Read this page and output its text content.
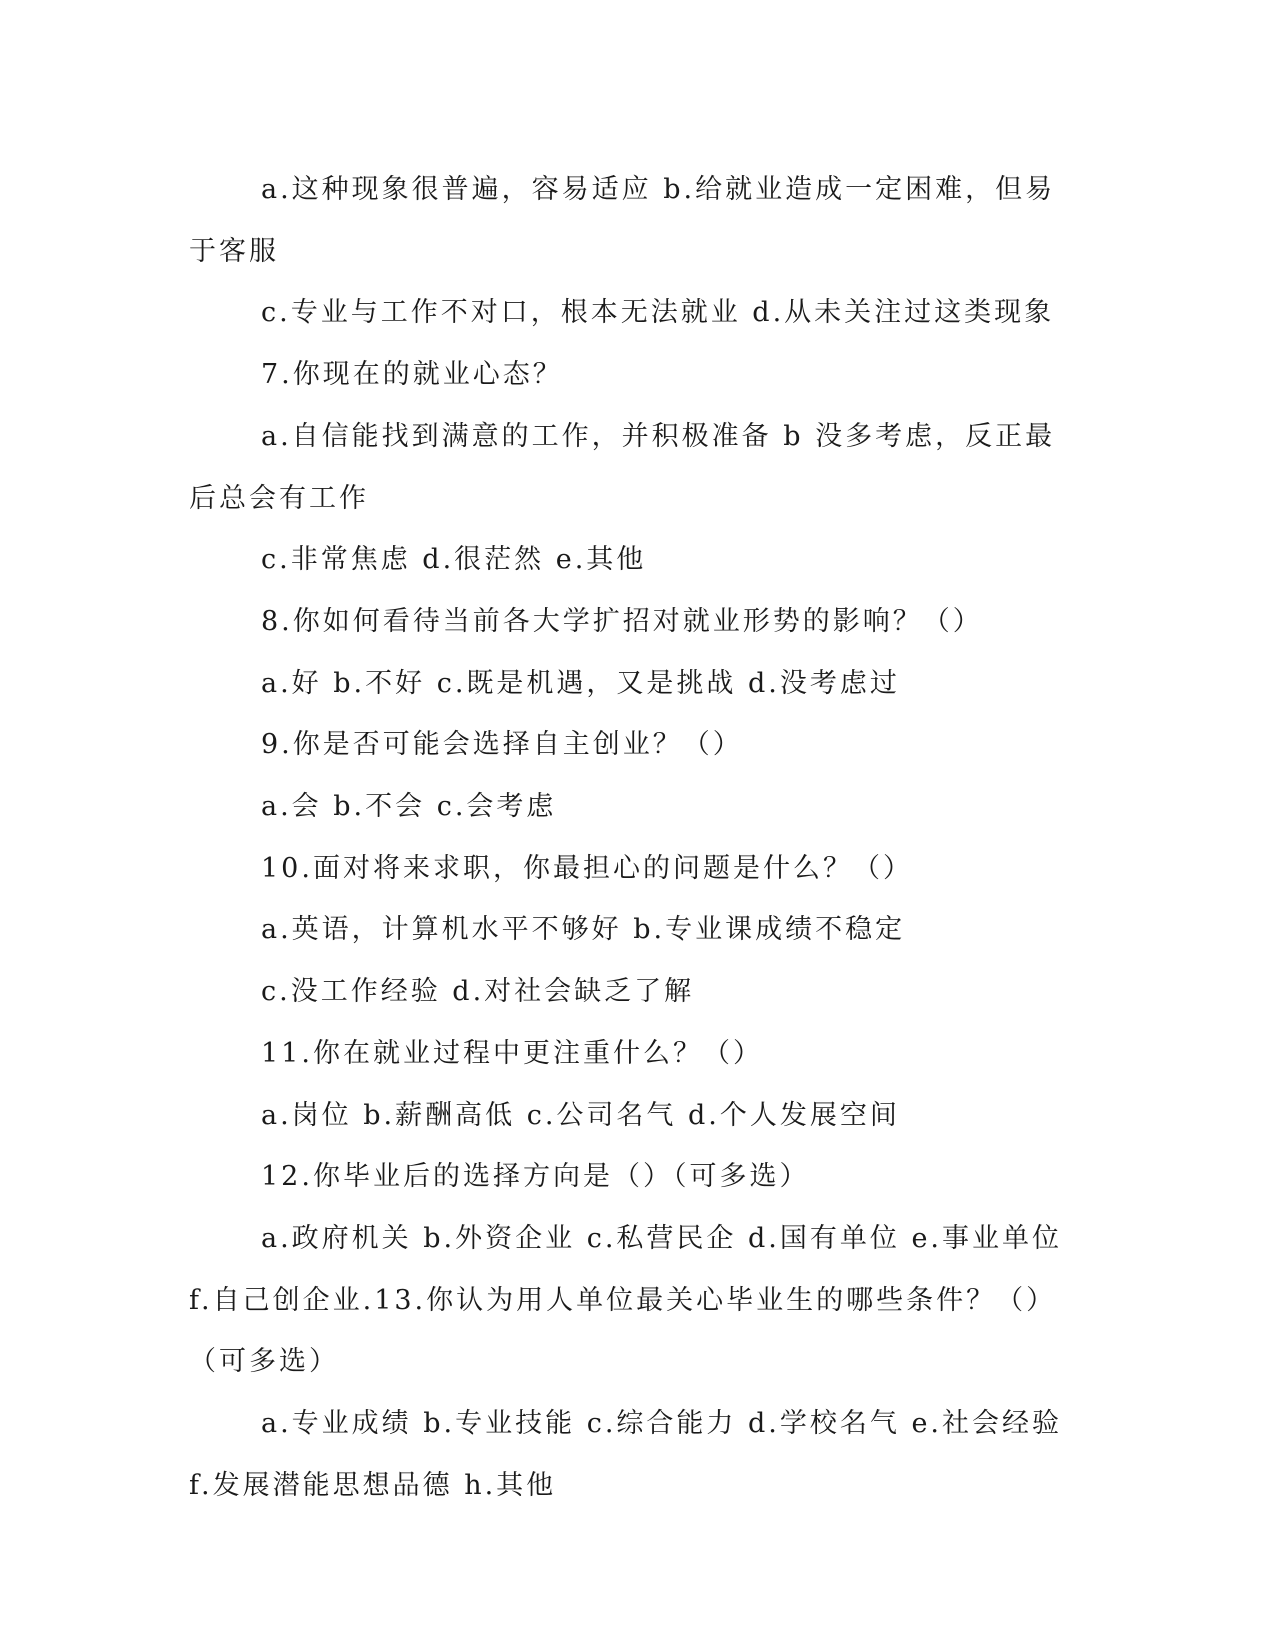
a.这种现象很普遍，容易适应 b.给就业造成一定困难，但易于客服

c.专业与工作不对口，根本无法就业 d.从未关注过这类现象

7.你现在的就业心态？

a.自信能找到满意的工作，并积极准备 b 没多考虑，反正最后总会有工作

c.非常焦虑 d.很茫然 e.其他

8.你如何看待当前各大学扩招对就业形势的影响？（）

a.好 b.不好 c.既是机遇，又是挑战 d.没考虑过

9.你是否可能会选择自主创业？（）

a.会 b.不会 c.会考虑

10.面对将来求职，你最担心的问题是什么？（）

a.英语，计算机水平不够好 b.专业课成绩不稳定

c.没工作经验 d.对社会缺乏了解

11.你在就业过程中更注重什么？（）

a.岗位 b.薪酬高低 c.公司名气 d.个人发展空间

12.你毕业后的选择方向是（）（可多选）

a.政府机关 b.外资企业 c.私营民企 d.国有单位 e.事业单位 f.自己创企业.13.你认为用人单位最关心毕业生的哪些条件？（）（可多选）

a.专业成绩 b.专业技能 c.综合能力 d.学校名气 e.社会经验 f.发展潜能思想品德 h.其他
